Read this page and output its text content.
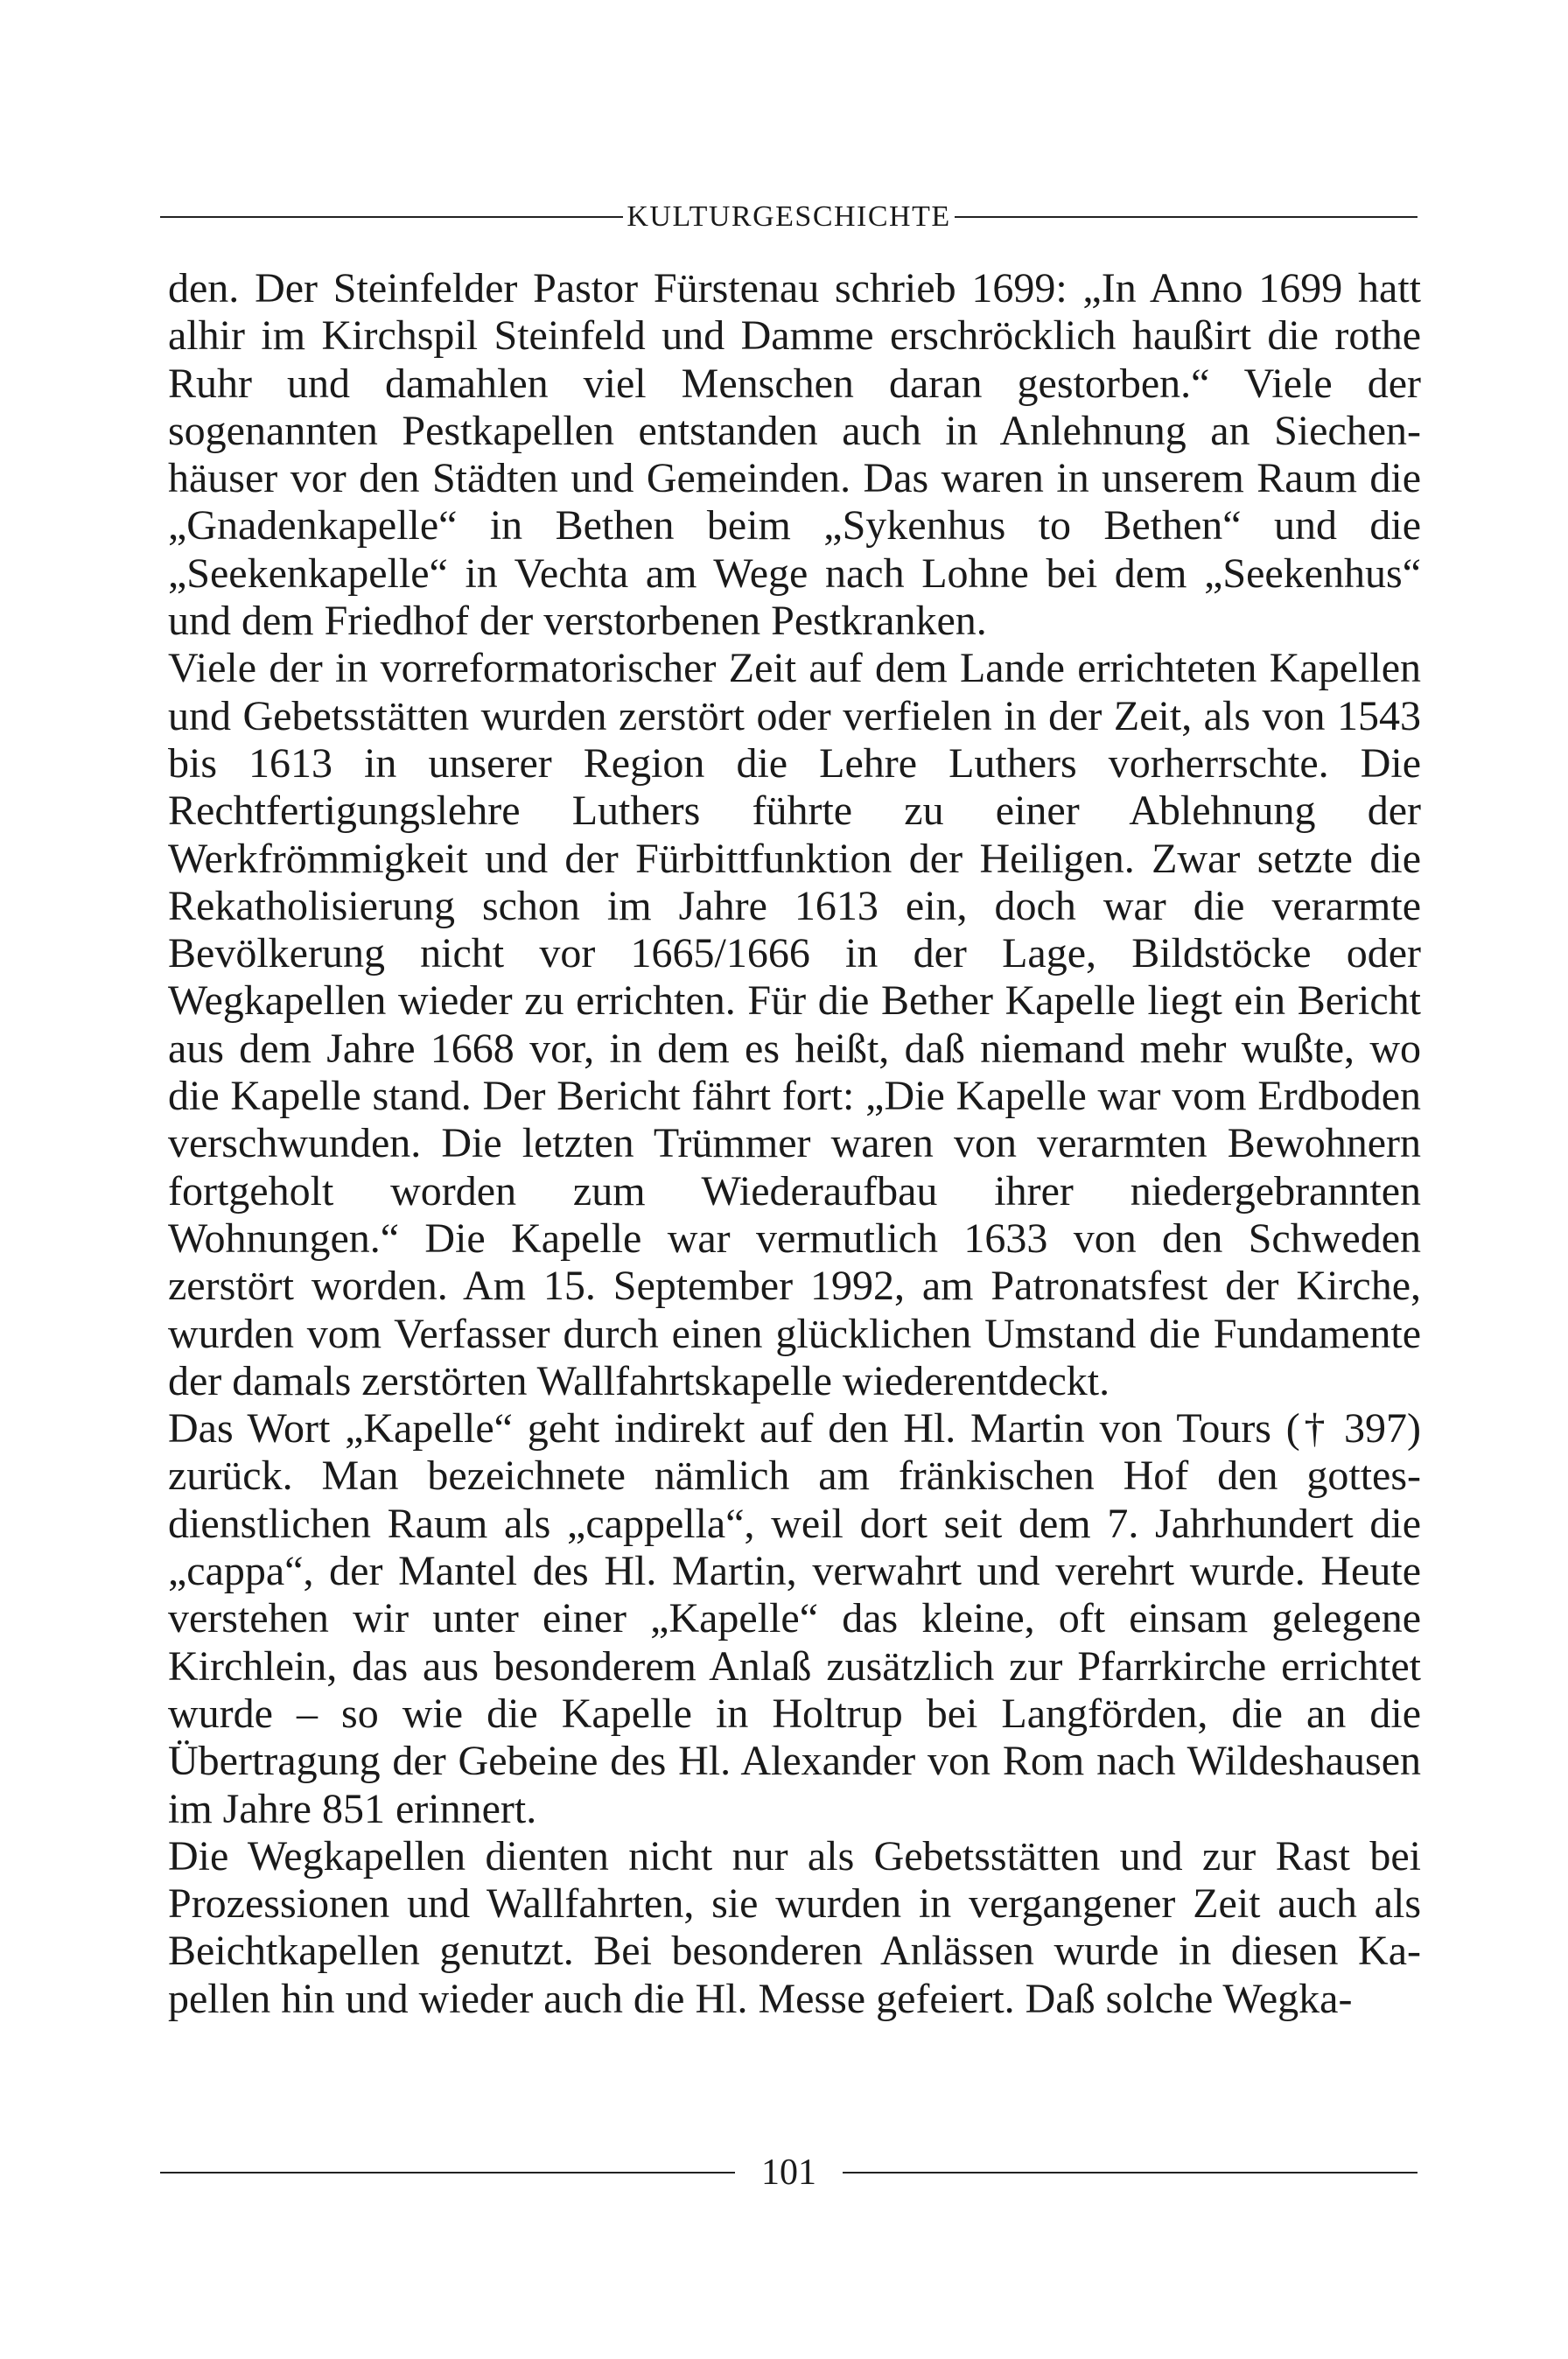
KULTURGESCHICHTE

den. Der Steinfelder Pastor Fürstenau schrieb 1699: „In Anno 1699 hatt alhir im Kirchspil Steinfeld und Damme erschröcklich haußirt die rothe Ruhr und damahlen viel Menschen daran gestorben.“ Viele der sogenannten Pestkapellen entstanden auch in Anlehnung an Siechenhäuser vor den Städten und Gemeinden. Das waren in unserem Raum die „Gnadenkapelle“ in Bethen beim „Sykenhus to Bethen“ und die „Seekenkapelle“ in Vechta am Wege nach Lohne bei dem „Seekenhus“ und dem Friedhof der verstorbenen Pestkranken.

Viele der in vorreformatorischer Zeit auf dem Lande errichteten Kapellen und Gebetsstätten wurden zerstört oder verfielen in der Zeit, als von 1543 bis 1613 in unserer Region die Lehre Luthers vorherrschte. Die Rechtfertigungslehre Luthers führte zu einer Ablehnung der Werkfrömmigkeit und der Fürbittfunktion der Heiligen. Zwar setzte die Rekatholisierung schon im Jahre 1613 ein, doch war die verarmte Bevölkerung nicht vor 1665/1666 in der Lage, Bildstöcke oder Wegkapellen wieder zu errichten. Für die Bether Kapelle liegt ein Bericht aus dem Jahre 1668 vor, in dem es heißt, daß niemand mehr wußte, wo die Kapelle stand. Der Bericht fährt fort: „Die Kapelle war vom Erdboden verschwunden. Die letzten Trümmer waren von verarmten Bewohnern fortgeholt worden zum Wiederaufbau ihrer niedergebrannten Wohnungen.“ Die Kapelle war vermutlich 1633 von den Schweden zerstört worden. Am 15. September 1992, am Patronatsfest der Kirche, wurden vom Verfasser durch einen glücklichen Umstand die Fundamente der damals zerstörten Wallfahrtskapelle wiederentdeckt.

Das Wort „Kapelle“ geht indirekt auf den Hl. Martin von Tours († 397) zurück. Man bezeichnete nämlich am fränkischen Hof den gottesdienstlichen Raum als „cappella“, weil dort seit dem 7. Jahrhundert die „cappa“, der Mantel des Hl. Martin, verwahrt und verehrt wurde. Heute verstehen wir unter einer „Kapelle“ das kleine, oft einsam gelegene Kirchlein, das aus besonderem Anlaß zusätzlich zur Pfarrkirche errichtet wurde – so wie die Kapelle in Holtrup bei Langförden, die an die Übertragung der Gebeine des Hl. Alexander von Rom nach Wildeshausen im Jahre 851 erinnert.

Die Wegkapellen dienten nicht nur als Gebetsstätten und zur Rast bei Prozessionen und Wallfahrten, sie wurden in vergangener Zeit auch als Beichtkapellen genutzt. Bei besonderen Anlässen wurde in diesen Kapellen hin und wieder auch die Hl. Messe gefeiert. Daß solche Wegka-

101
